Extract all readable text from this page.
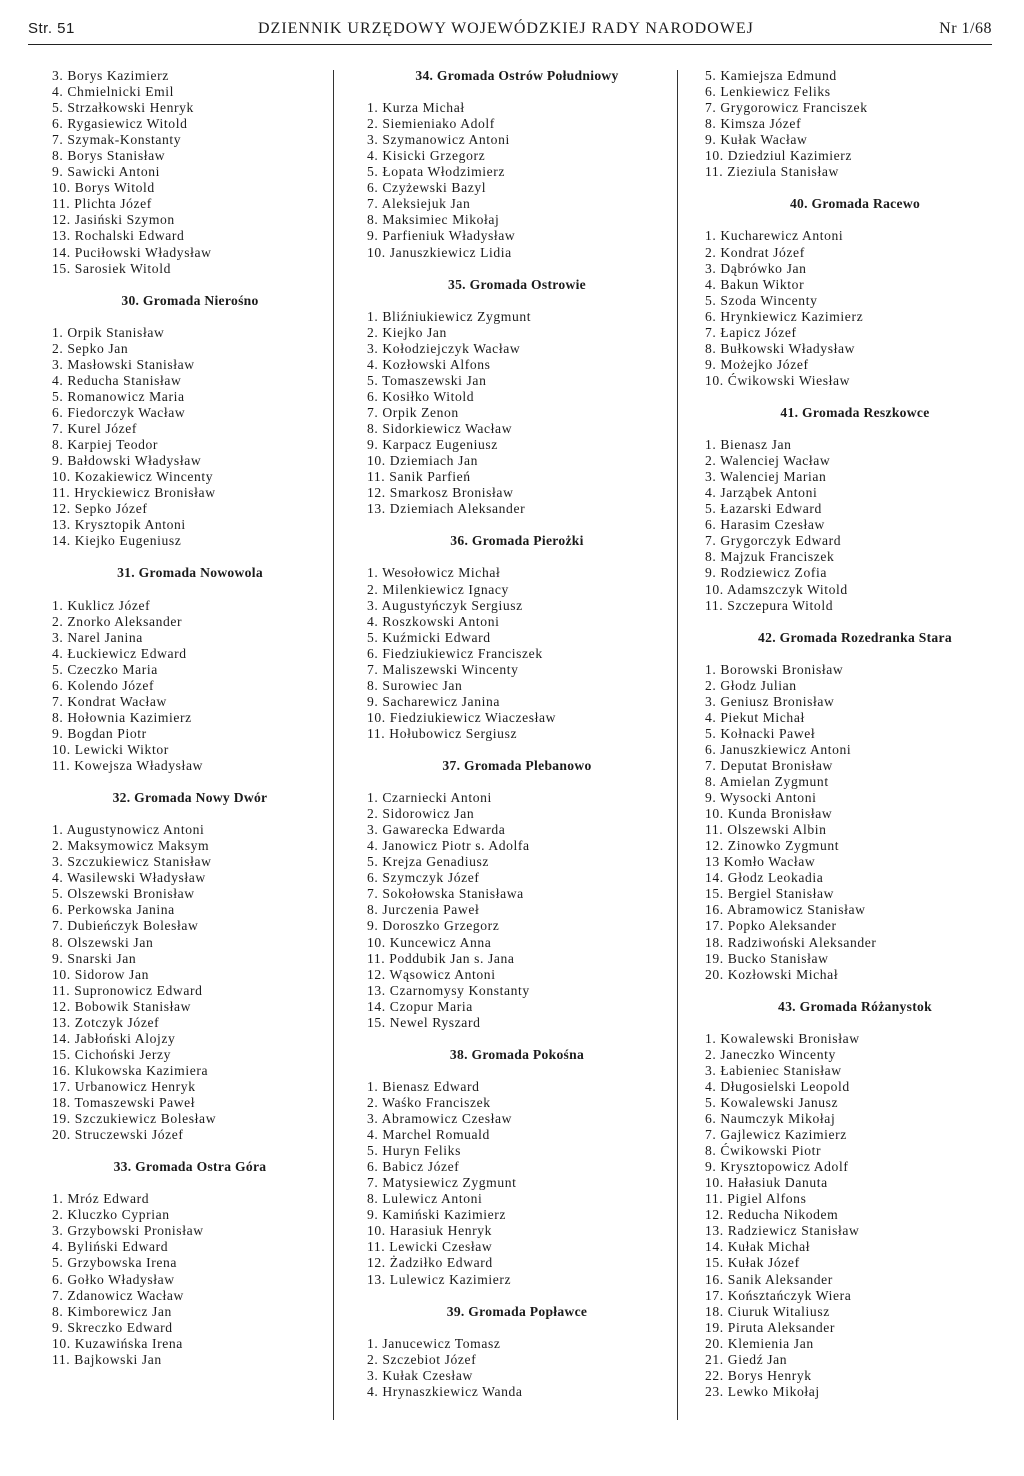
Str. 51	DZIENNIK URZĘDOWY WOJEWÓDZKIEJ RADY NARODOWEJ	Nr 1/68
3. Borys Kazimierz
4. Chmielnicki Emil
5. Strzałkowski Henryk
6. Rygasiewicz Witold
7. Szymak-Konstanty
8. Borys Stanisław
9. Sawicki Antoni
10. Borys Witold
11. Plichta Józef
12. Jasiński Szymon
13. Rochalski Edward
14. Puciłowski Władysław
15. Sarosiek Witold
30. Gromada Nierośno
1. Orpik Stanisław
2. Sepko Jan
3. Masłowski Stanisław
4. Reducha Stanisław
5. Romanowicz Maria
6. Fiedorczyk Wacław
7. Kurel Józef
8. Karpiej Teodor
9. Bałdowski Władysław
10. Kozakiewicz Wincenty
11. Hryckiewicz Bronisław
12. Sepko Józef
13. Krysztopik Antoni
14. Kiejko Eugeniusz
31. Gromada Nowowola
1. Kuklicz Józef
2. Znorko Aleksander
3. Narel Janina
4. Łuckiewicz Edward
5. Czeczko Maria
6. Kolendo Józef
7. Kondrat Wacław
8. Hołownia Kazimierz
9. Bogdan Piotr
10. Lewicki Wiktor
11. Kowejsza Władysław
32. Gromada Nowy Dwór
1. Augustynowicz Antoni
2. Maksymowicz Maksym
3. Szczukiewicz Stanisław
4. Wasilewski Władysław
5. Olszewski Bronisław
6. Perkowska Janina
7. Dubieńczyk Bolesław
8. Olszewski Jan
9. Snarski Jan
10. Sidorow Jan
11. Supronowicz Edward
12. Bobowik Stanisław
13. Zotczyk Józef
14. Jabłoński Alojzy
15. Cichoński Jerzy
16. Klukowska Kazimiera
17. Urbanowicz Henryk
18. Tomaszewski Paweł
19. Szczukiewicz Bolesław
20. Struczewski Józef
33. Gromada Ostra Góra
1. Mróz Edward
2. Kluczko Cyprian
3. Grzybowski Pronisław
4. Byliński Edward
5. Grzybowska Irena
6. Gołko Władysław
7. Zdanowicz Wacław
8. Kimborewicz Jan
9. Skreczko Edward
10. Kuzawińska Irena
11. Bajkowski Jan
34. Gromada Ostrów Południowy
1. Kurza Michał
2. Siemieniako Adolf
3. Szymanowicz Antoni
4. Kisicki Grzegorz
5. Łopata Włodzimierz
6. Czyżewski Bazyl
7. Aleksiejuk Jan
8. Maksimiec Mikołaj
9. Parfieniuk Władysław
10. Januszkiewicz Lidia
35. Gromada Ostrowie
1. Bliźniukiewicz Zygmunt
2. Kiejko Jan
3. Kołodziejczyk Wacław
4. Kozłowski Alfons
5. Tomaszewski Jan
6. Kosiłko Witold
7. Orpik Zenon
8. Sidorkiewicz Wacław
9. Karpacz Eugeniusz
10. Dziemiach Jan
11. Sanik Parfień
12. Smarkosz Bronisław
13. Dziemiach Aleksander
36. Gromada Pierożki
1. Wesołowicz Michał
2. Milenkiewicz Ignacy
3. Augustyńczyk Sergiusz
4. Roszkowski Antoni
5. Kuźmicki Edward
6. Fiedziukiewicz Franciszek
7. Maliszewski Wincenty
8. Surowiec Jan
9. Sacharewicz Janina
10. Fiedziukiewicz Wiaczesław
11. Hołubowicz Sergiusz
37. Gromada Plebanowo
1. Czarniecki Antoni
2. Sidorowicz Jan
3. Gawarecka Edwarda
4. Janowicz Piotr s. Adolfa
5. Krejza Genadiusz
6. Szymczyk Józef
7. Sokołowska Stanisława
8. Jurczenia Paweł
9. Doroszko Grzegorz
10. Kuncewicz Anna
11. Poddubik Jan s. Jana
12. Wąsowicz Antoni
13. Czarnomysy Konstanty
14. Czopur Maria
15. Newel Ryszard
38. Gromada Pokośna
1. Bienasz Edward
2. Waśko Franciszek
3. Abramowicz Czesław
4. Marchel Romuald
5. Huryn Feliks
6. Babicz Józef
7. Matysiewicz Zygmunt
8. Lulewicz Antoni
9. Kamiński Kazimierz
10. Harasiuk Henryk
11. Lewicki Czesław
12. Żadziłko Edward
13. Lulewicz Kazimierz
39. Gromada Popławce
1. Janucewicz Tomasz
2. Szczebiot Józef
3. Kułak Czesław
4. Hrynaszkiewicz Wanda
5. Kamiejsza Edmund
6. Lenkiewicz Feliks
7. Grygorowicz Franciszek
8. Kimsza Józef
9. Kułak Wacław
10. Dziedziul Kazimierz
11. Zieziula Stanisław
40. Gromada Racewo
1. Kucharewicz Antoni
2. Kondrat Józef
3. Dąbrówko Jan
4. Bakun Wiktor
5. Szoda Wincenty
6. Hrynkiewicz Kazimierz
7. Łapicz Józef
8. Bułkowski Władysław
9. Możejko Józef
10. Ćwikowski Wiesław
41. Gromada Reszkowce
1. Bienasz Jan
2. Walenciej Wacław
3. Walenciej Marian
4. Jarząbek Antoni
5. Łazarski Edward
6. Harasim Czesław
7. Grygorczyk Edward
8. Majzuk Franciszek
9. Rodziewicz Zofia
10. Adamszczyk Witold
11. Szczepura Witold
42. Gromada Rozedranka Stara
1. Borowski Bronisław
2. Głodz Julian
3. Geniusz Bronisław
4. Piekut Michał
5. Kołnacki Paweł
6. Januszkiewicz Antoni
7. Deputat Bronisław
8. Amielan Zygmunt
9. Wysocki Antoni
10. Kunda Bronisław
11. Olszewski Albin
12. Zinowko Zygmunt
13 Komło Wacław
14. Głodz Leokadia
15. Bergiel Stanisław
16. Abramowicz Stanisław
17. Popko Aleksander
18. Radziwoński Aleksander
19. Bucko Stanisław
20. Kozłowski Michał
43. Gromada Różanystok
1. Kowalewski Bronisław
2. Janeczko Wincenty
3. Łabieniec Stanisław
4. Długosielski Leopold
5. Kowalewski Janusz
6. Naumczyk Mikołaj
7. Gajlewicz Kazimierz
8. Ćwikowski Piotr
9. Krysztopowicz Adolf
10. Hałasiuk Danuta
11. Pigiel Alfons
12. Reducha Nikodem
13. Radziewicz Stanisław
14. Kułak Michał
15. Kułak Józef
16. Sanik Aleksander
17. Końsztańczyk Wiera
18. Ciuruk Witaliusz
19. Piruta Aleksander
20. Klemienia Jan
21. Giedź Jan
22. Borys Henryk
23. Lewko Mikołaj
